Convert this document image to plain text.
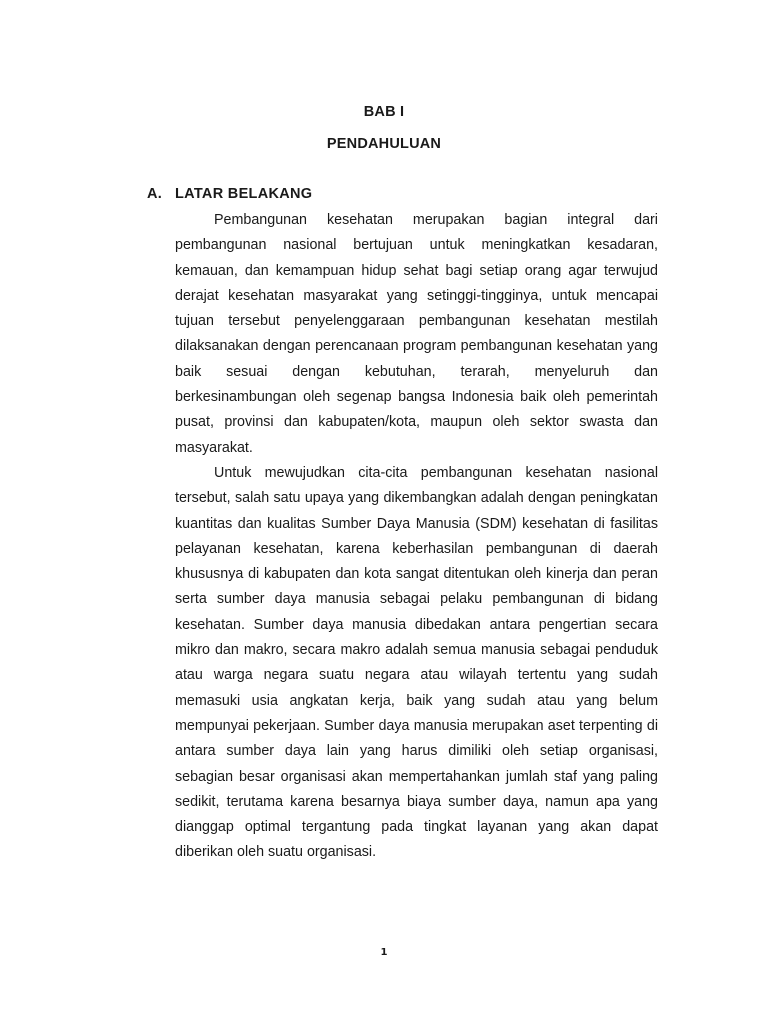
BAB I
PENDAHULUAN
A. LATAR BELAKANG

Pembangunan kesehatan merupakan bagian integral dari pembangunan nasional bertujuan untuk meningkatkan kesadaran, kemauan, dan kemampuan hidup sehat bagi setiap orang agar terwujud derajat kesehatan masyarakat yang setinggi-tingginya, untuk mencapai tujuan tersebut penyelenggaraan pembangunan kesehatan mestilah dilaksanakan dengan perencanaan program pembangunan kesehatan yang baik sesuai dengan kebutuhan, terarah, menyeluruh dan berkesinambungan oleh segenap bangsa Indonesia baik oleh pemerintah pusat, provinsi dan kabupaten/kota, maupun oleh sektor swasta dan masyarakat.

Untuk mewujudkan cita-cita pembangunan kesehatan nasional tersebut, salah satu upaya yang dikembangkan adalah dengan peningkatan kuantitas dan kualitas Sumber Daya Manusia (SDM) kesehatan di fasilitas pelayanan kesehatan, karena keberhasilan pembangunan di daerah khususnya di kabupaten dan kota sangat ditentukan oleh kinerja dan peran serta sumber daya manusia sebagai pelaku pembangunan di bidang kesehatan. Sumber daya manusia dibedakan antara pengertian secara mikro dan makro, secara makro adalah semua manusia sebagai penduduk atau warga negara suatu negara atau wilayah tertentu yang sudah memasuki usia angkatan kerja, baik yang sudah atau yang belum mempunyai pekerjaan. Sumber daya manusia merupakan aset terpenting di antara sumber daya lain yang harus dimiliki oleh setiap organisasi, sebagian besar organisasi akan mempertahankan jumlah staf yang paling sedikit, terutama karena besarnya biaya sumber daya, namun apa yang dianggap optimal tergantung pada tingkat layanan yang akan dapat diberikan oleh suatu organisasi.

1
